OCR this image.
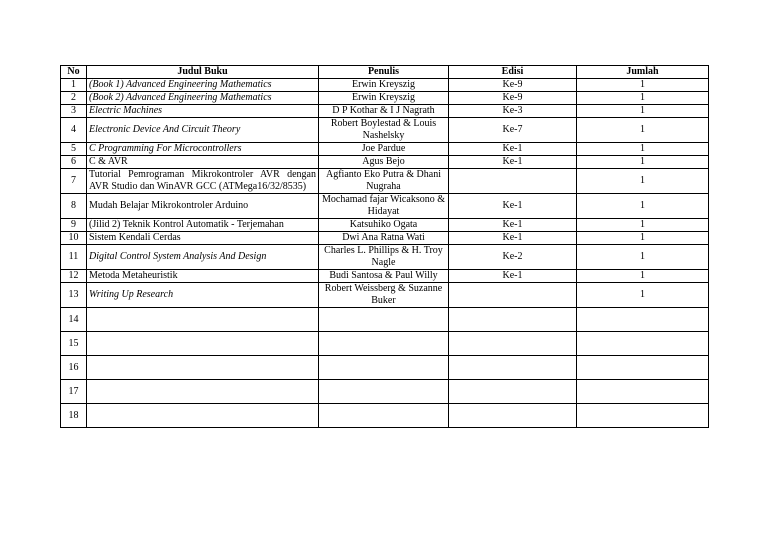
No	Judul Buku	Penulis	Edisi	Jumlah
1	(Book 1) Advanced Engineering Mathematics	Erwin Kreyszig	Ke-9	1
2	(Book 2) Advanced Engineering Mathematics	Erwin Kreyszig	Ke-9	1
3	Electric Machines	D P Kothar & I J Nagrath	Ke-3	1
4	Electronic Device And Circuit Theory	Robert Boylestad & Louis Nashelsky	Ke-7	1
5	C Programming For Microcontrollers	Joe Pardue	Ke-1	1
6	C & AVR	Agus Bejo	Ke-1	1
7	Tutorial Pemrograman Mikrokontroler AVR dengan AVR Studio dan WinAVR GCC (ATMega16/32/8535)	Agfianto Eko Putra & Dhani Nugraha		1
8	Mudah Belajar Mikrokontroler Arduino	Mochamad fajar Wicaksono & Hidayat	Ke-1	1
9	(Jilid 2) Teknik Kontrol Automatik - Terjemahan	Katsuhiko Ogata	Ke-1	1
10	Sistem Kendali Cerdas	Dwi Ana Ratna Wati	Ke-1	1
11	Digital Control System Analysis And Design	Charles L. Phillips & H. Troy Nagle	Ke-2	1
12	Metoda Metaheuristik	Budi Santosa & Paul Willy	Ke-1	1
13	Writing Up Research	Robert Weissberg & Suzanne Buker		1
14				
15				
16				
17				
18				
